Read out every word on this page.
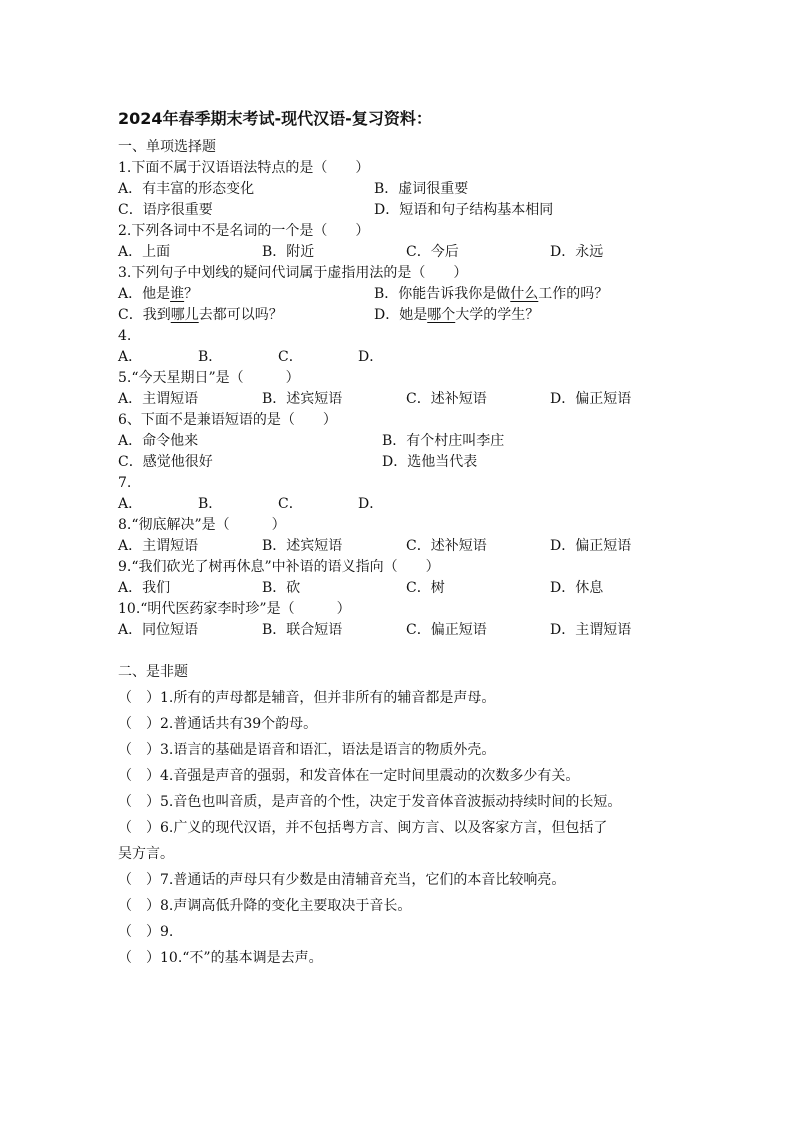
2024年春季期末考试-现代汉语-复习资料：
一、单项选择题
1.下面不属于汉语语法特点的是（　　）
A．有丰富的形态变化	B．虚词很重要
C．语序很重要	D．短语和句子结构基本相同
2.下列各词中不是名词的一个是（　　）
A．上面	B．附近	C．今后	D．永远
3.下列句子中划线的疑问代词属于虚指用法的是（　　）
A．他是谁？	B．你能告诉我你是做什么工作的吗？
C．我到哪儿去都可以吗？	D．她是哪个大学的学生？
4.
A．	B．	C．	D．
5.“今天星期日”是（　　　）
A．主谓短语	B．述宾短语	C．述补短语	D．偏正短语
6、下面不是兼语短语的是（　　）
A．命令他来	B．有个村庄叫李庄
C．感觉他很好	D．选他当代表
7.
A．	B．	C．	D．
8.“彻底解决”是（　　　）
A．主谓短语	B．述宾短语	C．述补短语	D．偏正短语
9.“我们砍光了树再休息”中补语的语义指向（　　）
A．我们	B．砍	C．树	D．休息
10.“明代医药家李时珍”是（　　　）
A．同位短语	B．联合短语	C．偏正短语	D．主谓短语
二、是非题
（　）1.所有的声母都是辅音，但并非所有的辅音都是声母。
（　）2.普通话共有39个韵母。
（　）3.语言的基础是语音和语汇，语法是语言的物质外壳。
（　）4.音强是声音的强弱，和发音体在一定时间里震动的次数多少有关。
（　）5.音色也叫音质，是声音的个性，决定于发音体音波振动持续时间的长短。
（　）6.广义的现代汉语，并不包括粤方言、闽方言、以及客家方言，但包括了
吴方言。
（　）7.普通话的声母只有少数是由清辅音充当，它们的本音比较响亮。
（　）8.声调高低升降的变化主要取决于音长。
（　）9.
（　）10.“不”的基本调是去声。
